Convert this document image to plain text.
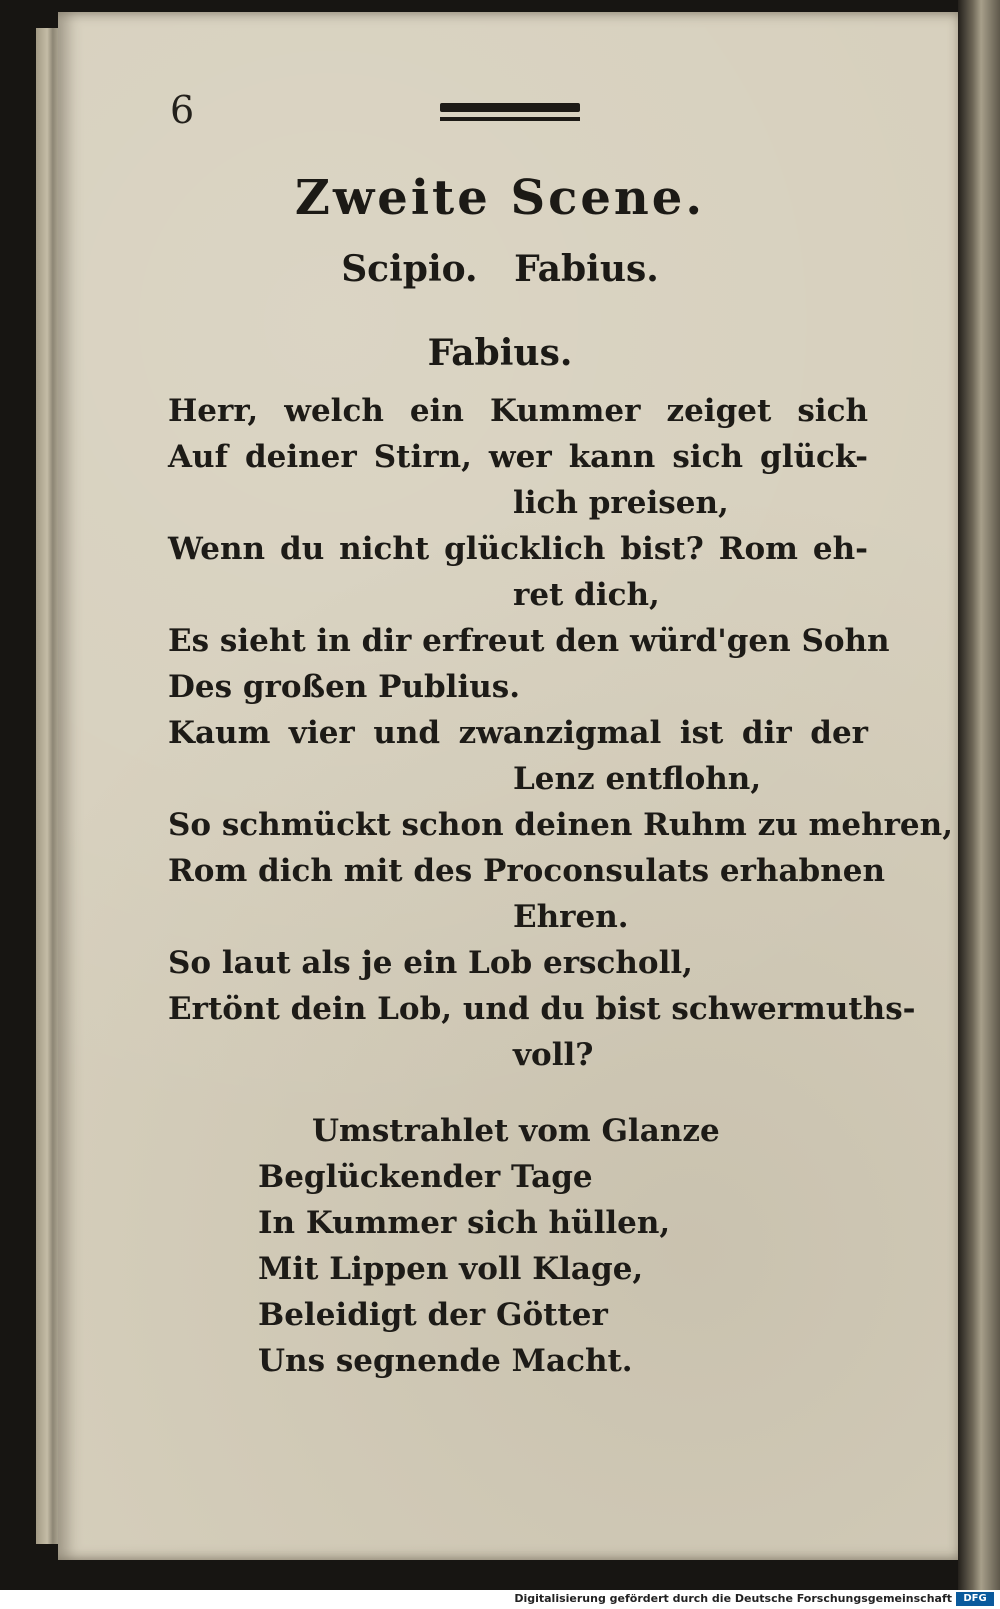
6
Zweite Scene.
Scipio. Fabius.
Fabius.
Herr, welch ein Kummer zeiget sich
Auf deiner Stirn, wer kann sich glück-
lich preisen,
Wenn du nicht glücklich bist? Rom eh-
ret dich,
Es sieht in dir erfreut den würd'gen Sohn
Des großen Publius.
Kaum vier und zwanzigmal ist dir der
Lenz entflohn,
So schmückt schon deinen Ruhm zu mehren,
Rom dich mit des Proconsulats erhabnen
Ehren.
So laut als je ein Lob erscholl,
Ertönt dein Lob, und du bist schwermuths-
voll?
Umstrahlet vom Glanze
Beglückender Tage
In Kummer sich hüllen,
Mit Lippen voll Klage,
Beleidigt der Götter
Uns segnende Macht.
Digitalisierung gefördert durch die Deutsche Forschungsgemeinschaft	DFG
